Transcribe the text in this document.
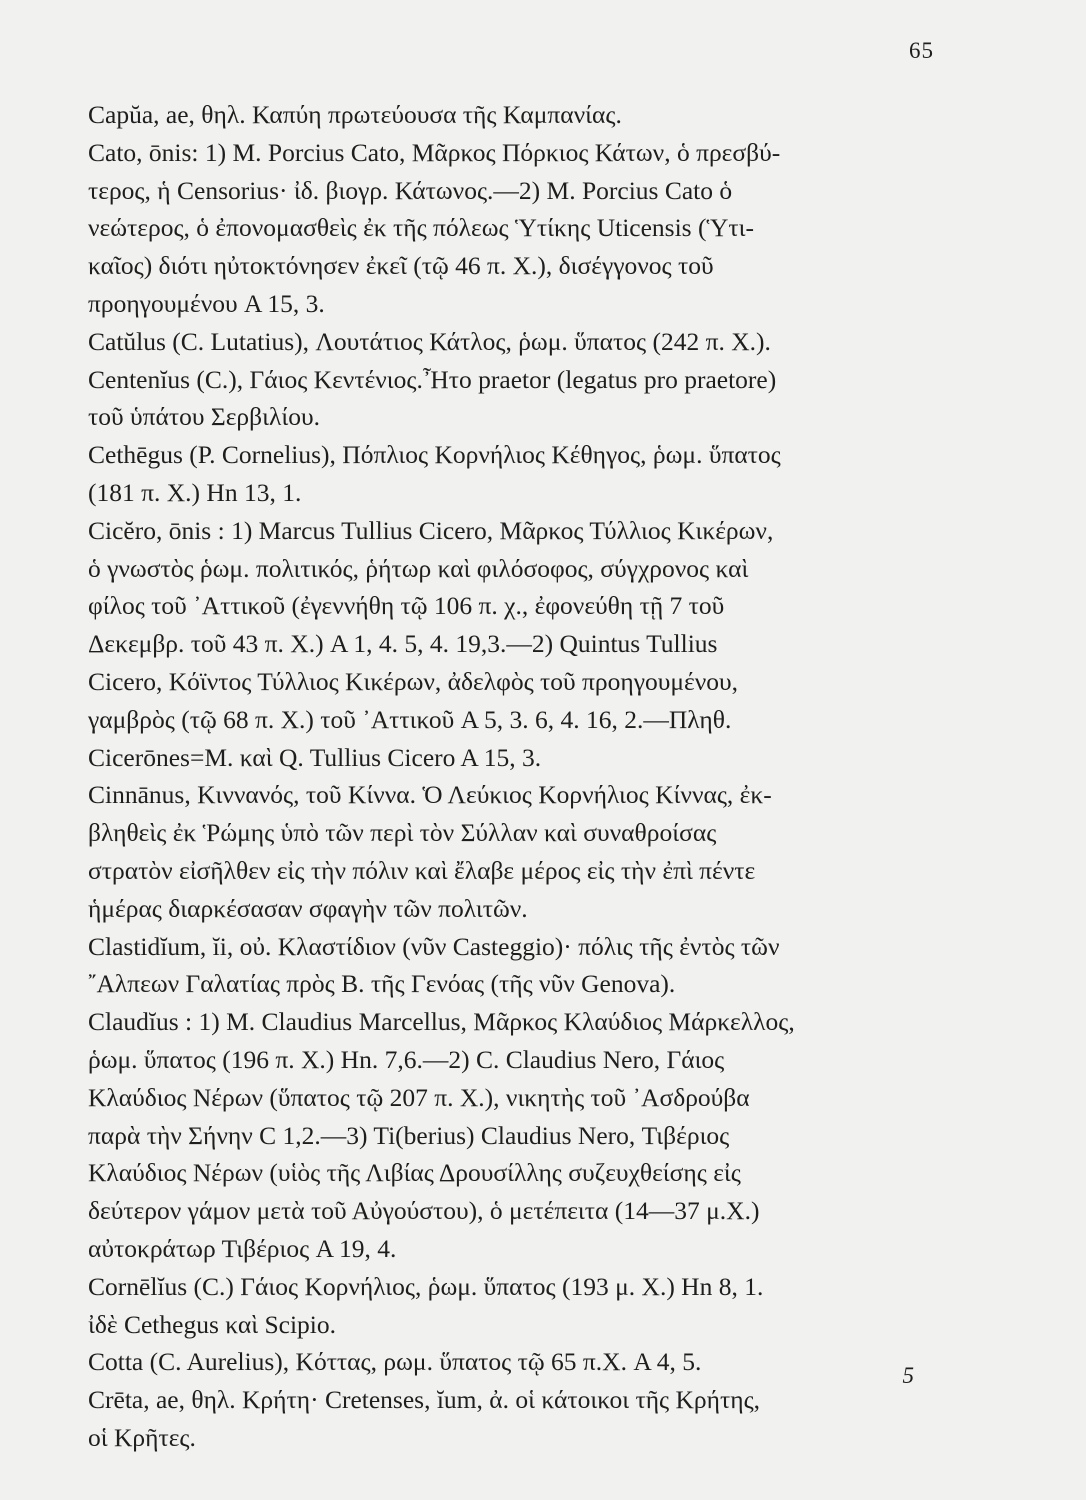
65
Capŭa, ae, θηλ. Καπύη πρωτεύουσα τῆς Καμπανίας.
Cato, ōnis: 1) M. Porcius Cato, Μᾶρκος Πόρκιος Κάτων, ὁ πρεσβύ-
τερος, ἡ Censorius· ἰδ. βιογρ. Κάτωνος.—2) M. Porcius Cato ὁ
νεώτερος, ὁ ἐπονομασθεὶς ἐκ τῆς πόλεως Ὑτίκης Uticensis (Ὑτι-
καῖος) διότι ηὐτοκτόνησεν ἐκεῖ (τῷ 46 π. Χ.), δισέγγονος τοῦ
προηγουμένου A 15, 3.
Catŭlus (C. Lutatius), Λουτάτιος Κάτλος, ῥωμ. ὕπατος (242 π. Χ.).
Centenĭus (C.), Γάιος Κεντένιος.Ἦτο praetor (legatus pro praetore)
τοῦ ὑπάτου Σερβιλίου.
Cethēgus (P. Cornelius), Πόπλιος Κορνήλιος Κέθηγος, ῥωμ. ὕπατος
(181 π. Χ.) Hn 13, 1.
Cicĕro, ōnis : 1) Marcus Tullius Cicero, Μᾶρκος Τύλλιος Κικέρων,
ὁ γνωστὸς ῥωμ. πολιτικός, ῥήτωρ καὶ φιλόσοφος, σύγχρονος καὶ
φίλος τοῦ ᾿Αττικοῦ (ἐγεννήθη τῷ 106 π. χ., ἐφονεύθη τῇ 7 τοῦ
Δεκεμβρ. τοῦ 43 π. Χ.) A 1, 4. 5, 4. 19,3.—2) Quintus Tullius
Cicero, Κόϊντος Τύλλιος Κικέρων, ἀδελφὸς τοῦ προηγουμένου,
γαμβρὸς (τῷ 68 π. Χ.) τοῦ ᾿Αττικοῦ A 5, 3. 6, 4. 16, 2.—Πληθ.
Cicerōnes=M. καὶ Q. Tullius Cicero A 15, 3.
Cinnānus, Κιννανός, τοῦ Κίννα. Ὁ Λεύκιος Κορνήλιος Κίννας, ἐκ-
βληθεὶς ἐκ Ῥώμης ὑπὸ τῶν περὶ τὸν Σύλλαν καὶ συναθροίσας
στρατὸν εἰσῆλθεν εἰς τὴν πόλιν καὶ ἔλαβε μέρος εἰς τὴν ἐπὶ πέντε
ἡμέρας διαρκέσασαν σφαγὴν τῶν πολιτῶν.
Clastidĭum, ĭi, οὐ. Κλαστίδιον (νῦν Casteggio)· πόλις τῆς ἐντὸς τῶν
῎Αλπεων Γαλατίας πρὸς Β. τῆς Γενόας (τῆς νῦν Genova).
Claudĭus : 1) M. Claudius Marcellus, Μᾶρκος Κλαύδιος Μάρκελλος,
ῥωμ. ὕπατος (196 π. Χ.) Hn. 7,6.—2) C. Claudius Nero, Γάιος
Κλαύδιος Νέρων (ὕπατος τῷ 207 π. Χ.), νικητὴς τοῦ ᾿Ασδρούβα
παρὰ τὴν Σήνην C 1,2.—3) Ti(berius) Claudius Nero, Τιβέριος
Κλαύδιος Νέρων (υἱὸς τῆς Λιβίας Δρουσίλλης συζευχθείσης εἰς
δεύτερον γάμον μετὰ τοῦ Αὐγούστου), ὁ μετέπειτα (14—37 μ.Χ.)
αὐτοκράτωρ Τιβέριος A 19, 4.
Cornēlĭus (C.) Γάιος Κορνήλιος, ῥωμ. ὕπατος (193 μ. Χ.) Hn 8, 1.
ἰδὲ Cethegus καὶ Scipio.
Cotta (C. Aurelius), Κόττας, ρωμ. ὕπατος τῷ 65 π.Χ. A 4, 5.
Crēta, ae, θηλ. Κρήτη· Cretenses, ĭum, ἀ. οἱ κάτοικοι τῆς Κρήτης,
οἱ Κρῆτες.
5
